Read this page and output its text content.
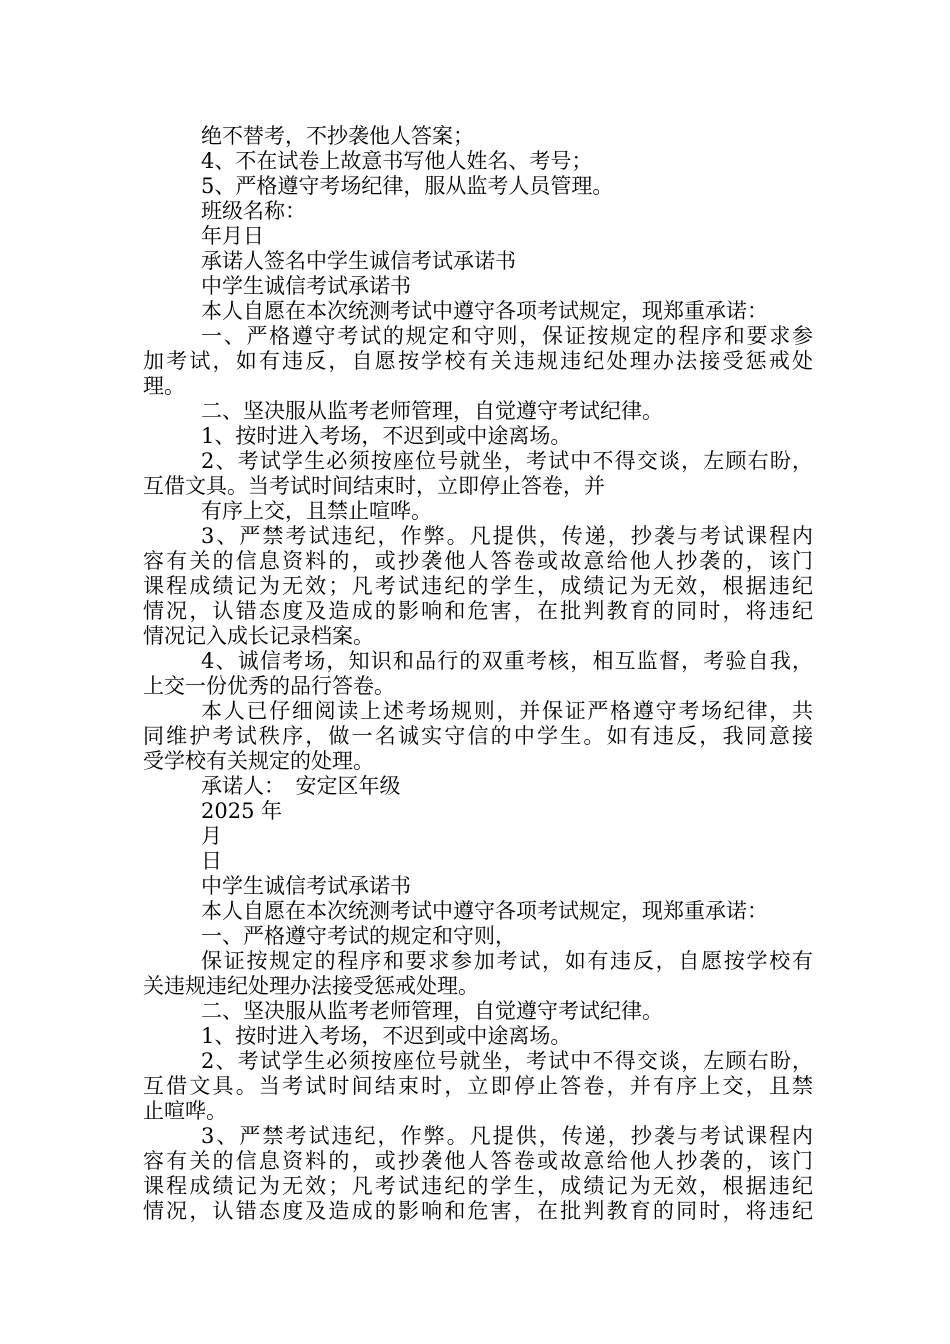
绝不替考，不抄袭他人答案；
4、不在试卷上故意书写他人姓名、考号；
5、严格遵守考场纪律，服从监考人员管理。
班级名称：
年月日
承诺人签名中学生诚信考试承诺书
中学生诚信考试承诺书
本人自愿在本次统测考试中遵守各项考试规定，现郑重承诺：
一、严格遵守考试的规定和守则，保证按规定的程序和要求参
加考试，如有违反，自愿按学校有关违规违纪处理办法接受惩戒处
理。
二、坚决服从监考老师管理，自觉遵守考试纪律。
1、按时进入考场，不迟到或中途离场。
2、考试学生必须按座位号就坐，考试中不得交谈，左顾右盼，
互借文具。当考试时间结束时，立即停止答卷，并
有序上交，且禁止喧哗。
3、严禁考试违纪，作弊。凡提供，传递，抄袭与考试课程内
容有关的信息资料的，或抄袭他人答卷或故意给他人抄袭的，该门
课程成绩记为无效；凡考试违纪的学生，成绩记为无效，根据违纪
情况，认错态度及造成的影响和危害，在批判教育的同时，将违纪
情况记入成长记录档案。
4、诚信考场，知识和品行的双重考核，相互监督，考验自我，
上交一份优秀的品行答卷。
本人已仔细阅读上述考场规则，并保证严格遵守考场纪律，共
同维护考试秩序，做一名诚实守信的中学生。如有违反，我同意接
受学校有关规定的处理。
承诺人：　安定区年级
2025 年
月
日
中学生诚信考试承诺书
本人自愿在本次统测考试中遵守各项考试规定，现郑重承诺：
一、严格遵守考试的规定和守则，
保证按规定的程序和要求参加考试，如有违反，自愿按学校有
关违规违纪处理办法接受惩戒处理。
二、坚决服从监考老师管理，自觉遵守考试纪律。
1、按时进入考场，不迟到或中途离场。
2、考试学生必须按座位号就坐，考试中不得交谈，左顾右盼，
互借文具。当考试时间结束时，立即停止答卷，并有序上交，且禁
止喧哗。
3、严禁考试违纪，作弊。凡提供，传递，抄袭与考试课程内
容有关的信息资料的，或抄袭他人答卷或故意给他人抄袭的，该门
课程成绩记为无效；凡考试违纪的学生，成绩记为无效，根据违纪
情况，认错态度及造成的影响和危害，在批判教育的同时，将违纪
